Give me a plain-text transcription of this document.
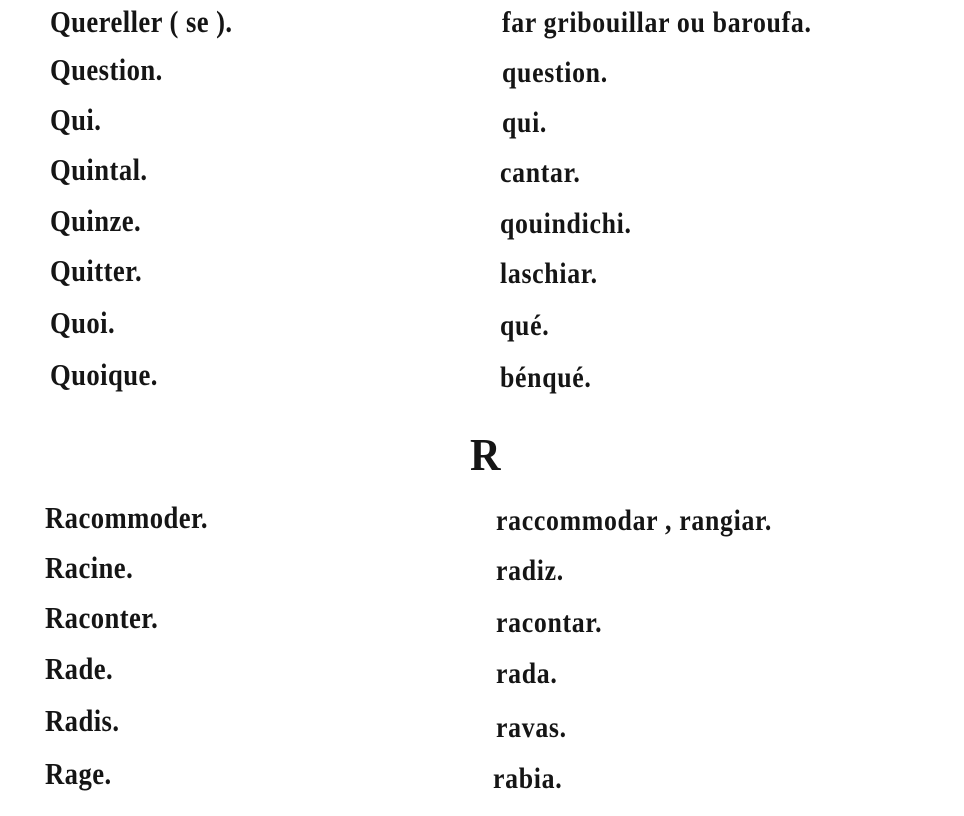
Quereller ( se ).	far gribouillar ou baroufa.
Question.	question.
Qui.	qui.
Quintal.	cantar.
Quinze.	qouindichi.
Quitter.	laschiar.
Quoi.	qué.
Quoique.	bénqué.
R
Racommoder.	raccommodar , rangiar.
Racine.	radiz.
Raconter.	racontar.
Rade.	rada.
Radis.	ravas.
Rage.	rabia.
